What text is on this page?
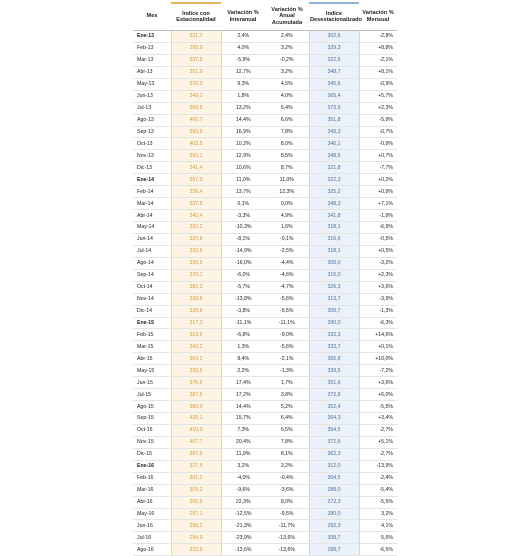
Mes	Indice con Estacionalidad	Variación % Interanual	Variación % Anual Acumulada	Indice Desestacionalizado	Variación % Mensual
Ene-13	321,7	2,4%	2,4%	302,6	-2,8%
Feb-13	295,9	4,0%	3,2%	329,3	+8,8%
Mar-13	337,5	-5,9%	-0,2%	322,5	-2,1%
Abr-13	351,9	12,7%	3,2%	348,7	+8,1%
May-13	370,3	9,3%	4,5%	345,6	-0,9%
Jun-13	349,1	1,8%	4,0%	365,4	+5,7%
Jul-13	368,8	13,2%	5,4%	373,9	+2,3%
Ago-13	400,7	14,4%	6,6%	351,8	-5,9%
Sep-13	393,9	16,9%	7,8%	349,3	-0,7%
Oct-13	403,5	10,2%	8,0%	346,1	-0,9%
Nov-13	393,1	12,9%	8,5%	348,5	+0,7%
Dic-13	341,4	10,6%	8,7%	321,8	-7,7%
Ene-14	357,0	11,0%	11,0%	322,3	+0,2%
Feb-14	336,4	13,7%	12,3%	325,2	+0,9%
Mar-14	337,8	0,1%	0,0%	348,3	+7,1%
Abr-14	340,4	-3,3%	4,9%	341,8	-1,9%
May-14	332,2	-10,3%	1,6%	318,1	-6,9%
Jun-14	320,8	-8,1%	-0,1%	316,6	-0,5%
Jul-14	330,6	-14,9%	-2,5%	318,1	+0,5%
Ago-14	336,5	-16,0%	-4,4%	308,0	-3,2%
Sep-14	370,1	-6,0%	-4,6%	315,0	+2,3%
Oct-14	382,3	-5,7%	-4,7%	326,3	+3,6%
Nov-14	338,8	-13,8%	-5,6%	313,7	-3,9%
Dic-14	328,8	-3,8%	-5,5%	309,7	-1,3%
Ene-15	317,3	-11,1%	-11,1%	290,0	-6,3%
Feb-15	313,6	-6,8%	-9,0%	332,3	+14,6%
Mar-15	342,2	1,3%	-5,6%	332,7	+0,1%
Abr-15	369,2	8,4%	-2,1%	365,8	+10,0%
May-15	339,5	2,2%	-1,3%	339,5	-7,2%
Jun-15	376,6	17,4%	1,7%	351,6	+3,6%
Jul-15	387,5	17,2%	3,8%	372,8	+6,0%
Ago-15	385,0	14,4%	5,2%	352,4	-5,5%
Sep-15	428,1	15,7%	6,4%	364,3	+3,4%
Oct-15	410,3	7,3%	6,5%	354,5	-2,7%
Nov-15	407,7	20,4%	7,8%	372,6	+5,1%
Dic-15	367,6	11,9%	8,1%	362,3	-2,7%
Ene-16	327,5	3,2%	3,2%	312,0	-13,9%
Feb-16	301,2	-4,0%	-0,4%	304,5	-2,4%
Mar-16	309,2	-9,6%	-3,6%	288,0	-5,4%
Abr-16	206,6	22,3%	8,0%	272,3	-5,5%
May-16	297,1	-12,5%	-9,5%	280,0	3,2%
Jun-16	296,2	-21,3%	-11,7%	292,3	4,1%
Jul-16	294,9	-23,9%	-13,6%	308,7	5,6%
Ago-16	332,8	-13,6%	-13,6%	288,7	-6,5%
